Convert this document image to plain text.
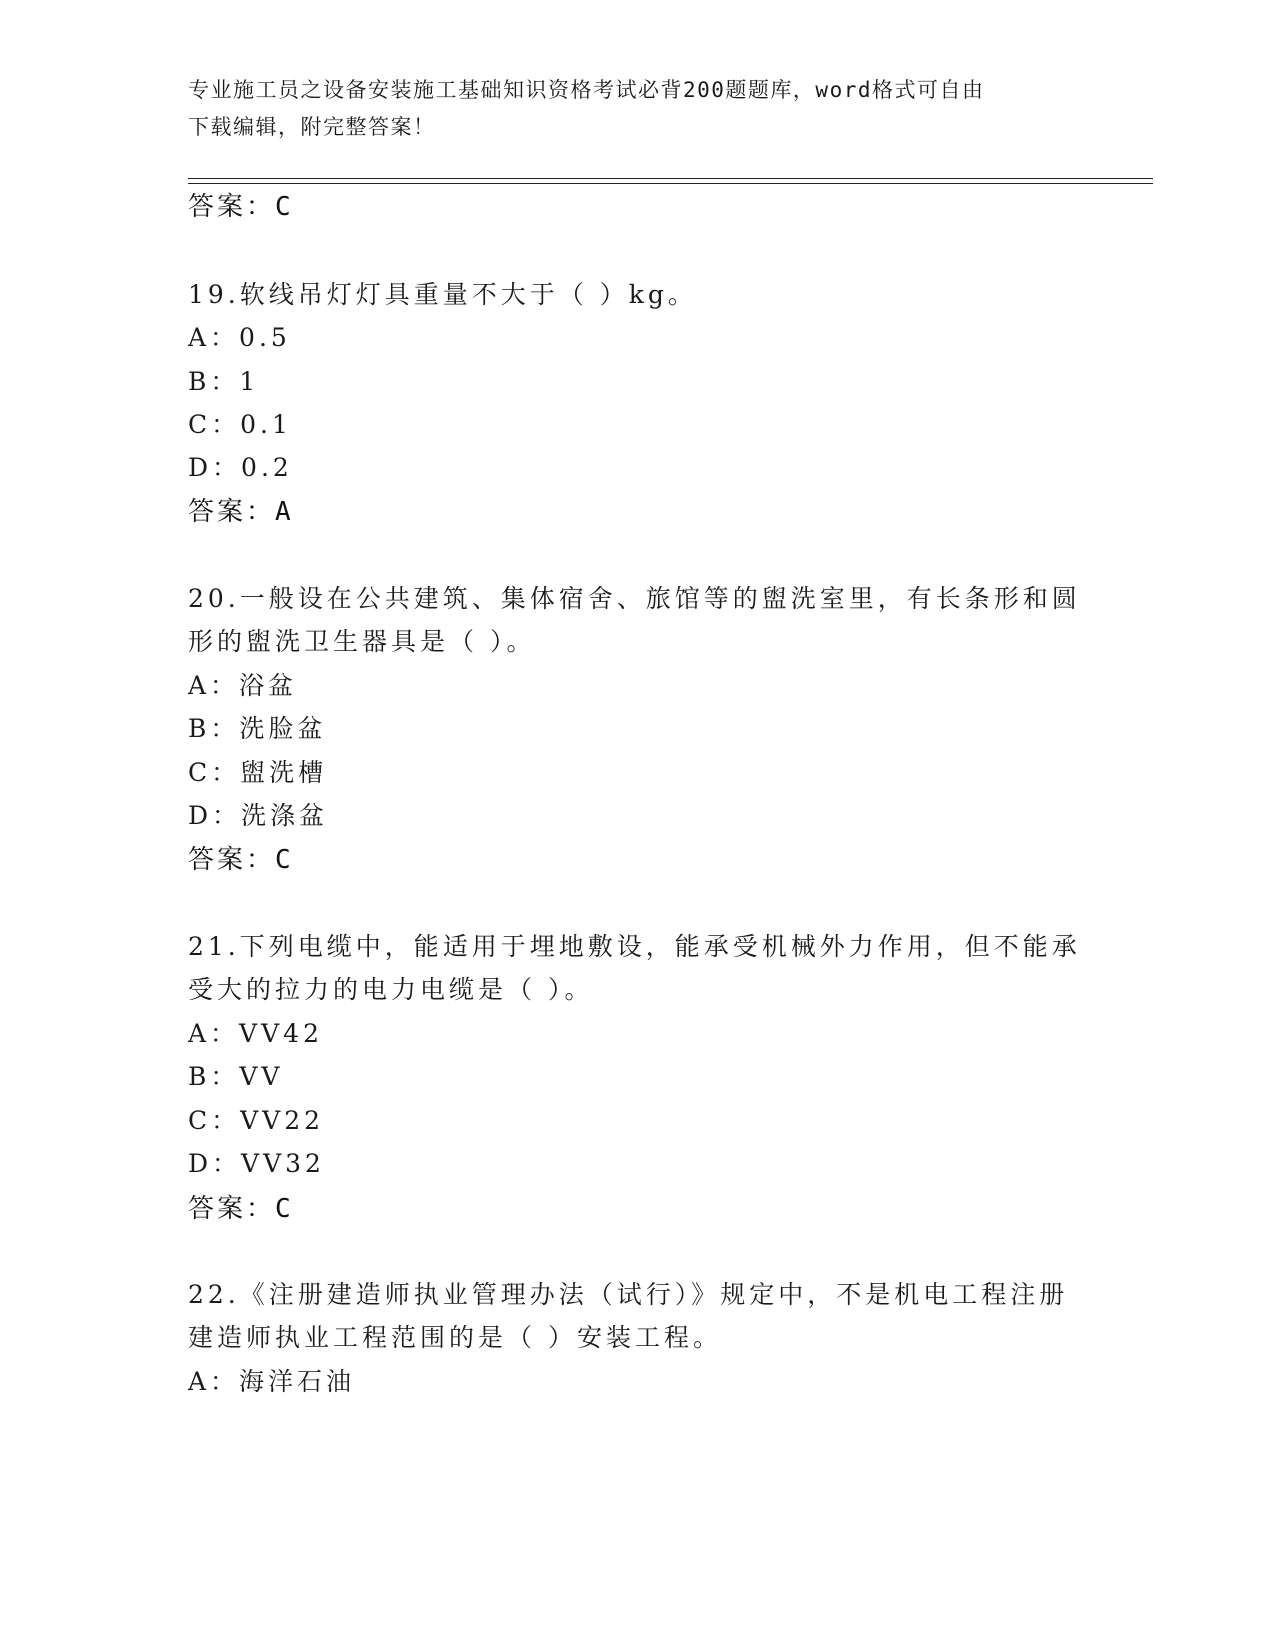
专业施工员之设备安装施工基础知识资格考试必背200题题库，word格式可自由
下载编辑，附完整答案！
答案：C
19.软线吊灯灯具重量不大于（ ）kg。
A：0.5
B：1
C：0.1
D：0.2
答案：A
20.一般设在公共建筑、集体宿舍、旅馆等的盥洗室里，有长条形和圆
形的盥洗卫生器具是（ ）。
A：浴盆
B：洗脸盆
C：盥洗槽
D：洗涤盆
答案：C
21.下列电缆中，能适用于埋地敷设，能承受机械外力作用，但不能承
受大的拉力的电力电缆是（ ）。
A：VV42
B：VV
C：VV22
D：VV32
答案：C
22.《注册建造师执业管理办法（试行）》规定中，不是机电工程注册
建造师执业工程范围的是（ ）安装工程。
A：海洋石油
